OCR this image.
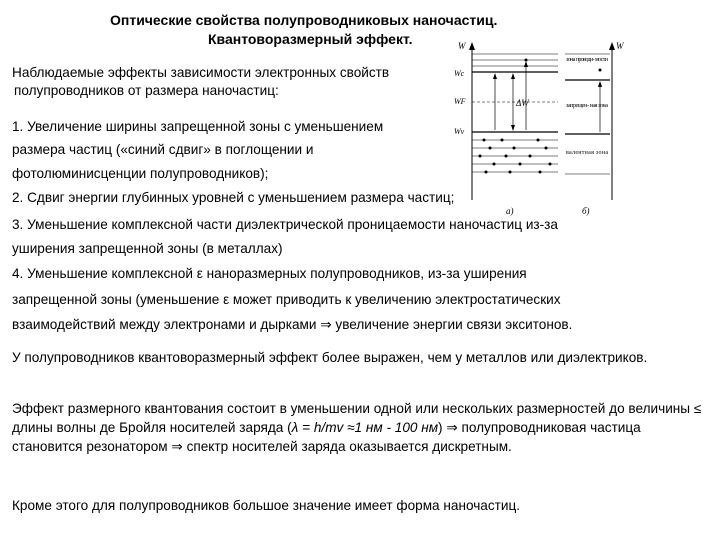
Оптические свойства полупроводниковых наночастиц.
Квантоворазмерный эффект.	W	W
Wc
WF
Wv
ΔW
зона проводи- мости
запрещен- ная зона
валентная зона
а)	б)
Наблюдаемые эффекты зависимости электронных свойств
полупроводников от размера наночастиц:
1. Увеличение ширины запрещенной зоны с уменьшением
размера частиц («синий сдвиг» в поглощении и
фотолюминисценции полупроводников);
2. Сдвиг энергии глубинных уровней с уменьшением размера частиц;
3. Уменьшение комплексной части диэлектрической проницаемости наночастиц из-за
уширения запрещенной зоны (в металлах)
4. Уменьшение комплексной ε наноразмерных полупроводников, из-за уширения
запрещенной зоны (уменьшение ε может приводить к увеличению электростатических
взаимодействий между электронами и дырками ⇒ увеличение энергии связи экситонов.
У полупроводников квантоворазмерный эффект более выражен, чем у металлов или диэлектриков.
Эффект размерного квантования состоит в уменьшении одной или нескольких размерностей до величины ≤ длины волны де Бройля носителей заряда (λ = h/mv ≈1 нм - 100 нм) ⇒ полупроводниковая частица становится резонатором ⇒ спектр носителей заряда оказывается дискретным.
Кроме этого для полупроводников большое значение имеет форма наночастиц.
